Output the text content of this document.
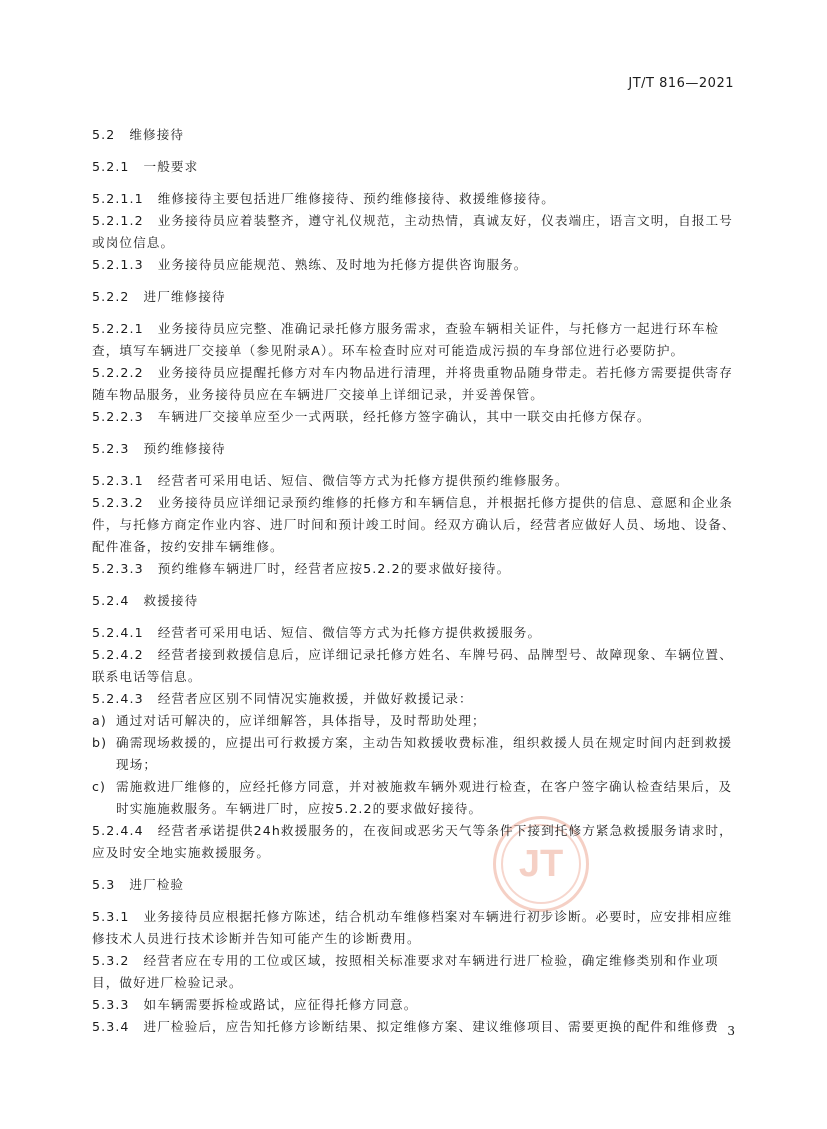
JT/T 816—2021
JT
5.2 维修接待
5.2.1 一般要求
5.2.1.1 维修接待主要包括进厂维修接待、预约维修接待、救援维修接待。
5.2.1.2 业务接待员应着装整齐，遵守礼仪规范，主动热情，真诚友好，仪表端庄，语言文明，自报工号或岗位信息。
5.2.1.3 业务接待员应能规范、熟练、及时地为托修方提供咨询服务。
5.2.2 进厂维修接待
5.2.2.1 业务接待员应完整、准确记录托修方服务需求，查验车辆相关证件，与托修方一起进行环车检查，填写车辆进厂交接单（参见附录A）。环车检查时应对可能造成污损的车身部位进行必要防护。
5.2.2.2 业务接待员应提醒托修方对车内物品进行清理，并将贵重物品随身带走。若托修方需要提供寄存随车物品服务，业务接待员应在车辆进厂交接单上详细记录，并妥善保管。
5.2.2.3 车辆进厂交接单应至少一式两联，经托修方签字确认，其中一联交由托修方保存。
5.2.3 预约维修接待
5.2.3.1 经营者可采用电话、短信、微信等方式为托修方提供预约维修服务。
5.2.3.2 业务接待员应详细记录预约维修的托修方和车辆信息，并根据托修方提供的信息、意愿和企业条件，与托修方商定作业内容、进厂时间和预计竣工时间。经双方确认后，经营者应做好人员、场地、设备、配件准备，按约安排车辆维修。
5.2.3.3 预约维修车辆进厂时，经营者应按5.2.2的要求做好接待。
5.2.4 救援接待
5.2.4.1 经营者可采用电话、短信、微信等方式为托修方提供救援服务。
5.2.4.2 经营者接到救援信息后，应详细记录托修方姓名、车牌号码、品牌型号、故障现象、车辆位置、联系电话等信息。
5.2.4.3 经营者应区别不同情况实施救援，并做好救援记录：
a) 通过对话可解决的，应详细解答，具体指导，及时帮助处理；
b) 确需现场救援的，应提出可行救援方案，主动告知救援收费标准，组织救援人员在规定时间内赶到救援现场；
c) 需施救进厂维修的，应经托修方同意，并对被施救车辆外观进行检查，在客户签字确认检查结果后，及时实施施救服务。车辆进厂时，应按5.2.2的要求做好接待。
5.2.4.4 经营者承诺提供24h救援服务的，在夜间或恶劣天气等条件下接到托修方紧急救援服务请求时，应及时安全地实施救援服务。
5.3 进厂检验
5.3.1 业务接待员应根据托修方陈述，结合机动车维修档案对车辆进行初步诊断。必要时，应安排相应维修技术人员进行技术诊断并告知可能产生的诊断费用。
5.3.2 经营者应在专用的工位或区域，按照相关标准要求对车辆进行进厂检验，确定维修类别和作业项目，做好进厂检验记录。
5.3.3 如车辆需要拆检或路试，应征得托修方同意。
5.3.4 进厂检验后，应告知托修方诊断结果、拟定维修方案、建议维修项目、需要更换的配件和维修费 3
